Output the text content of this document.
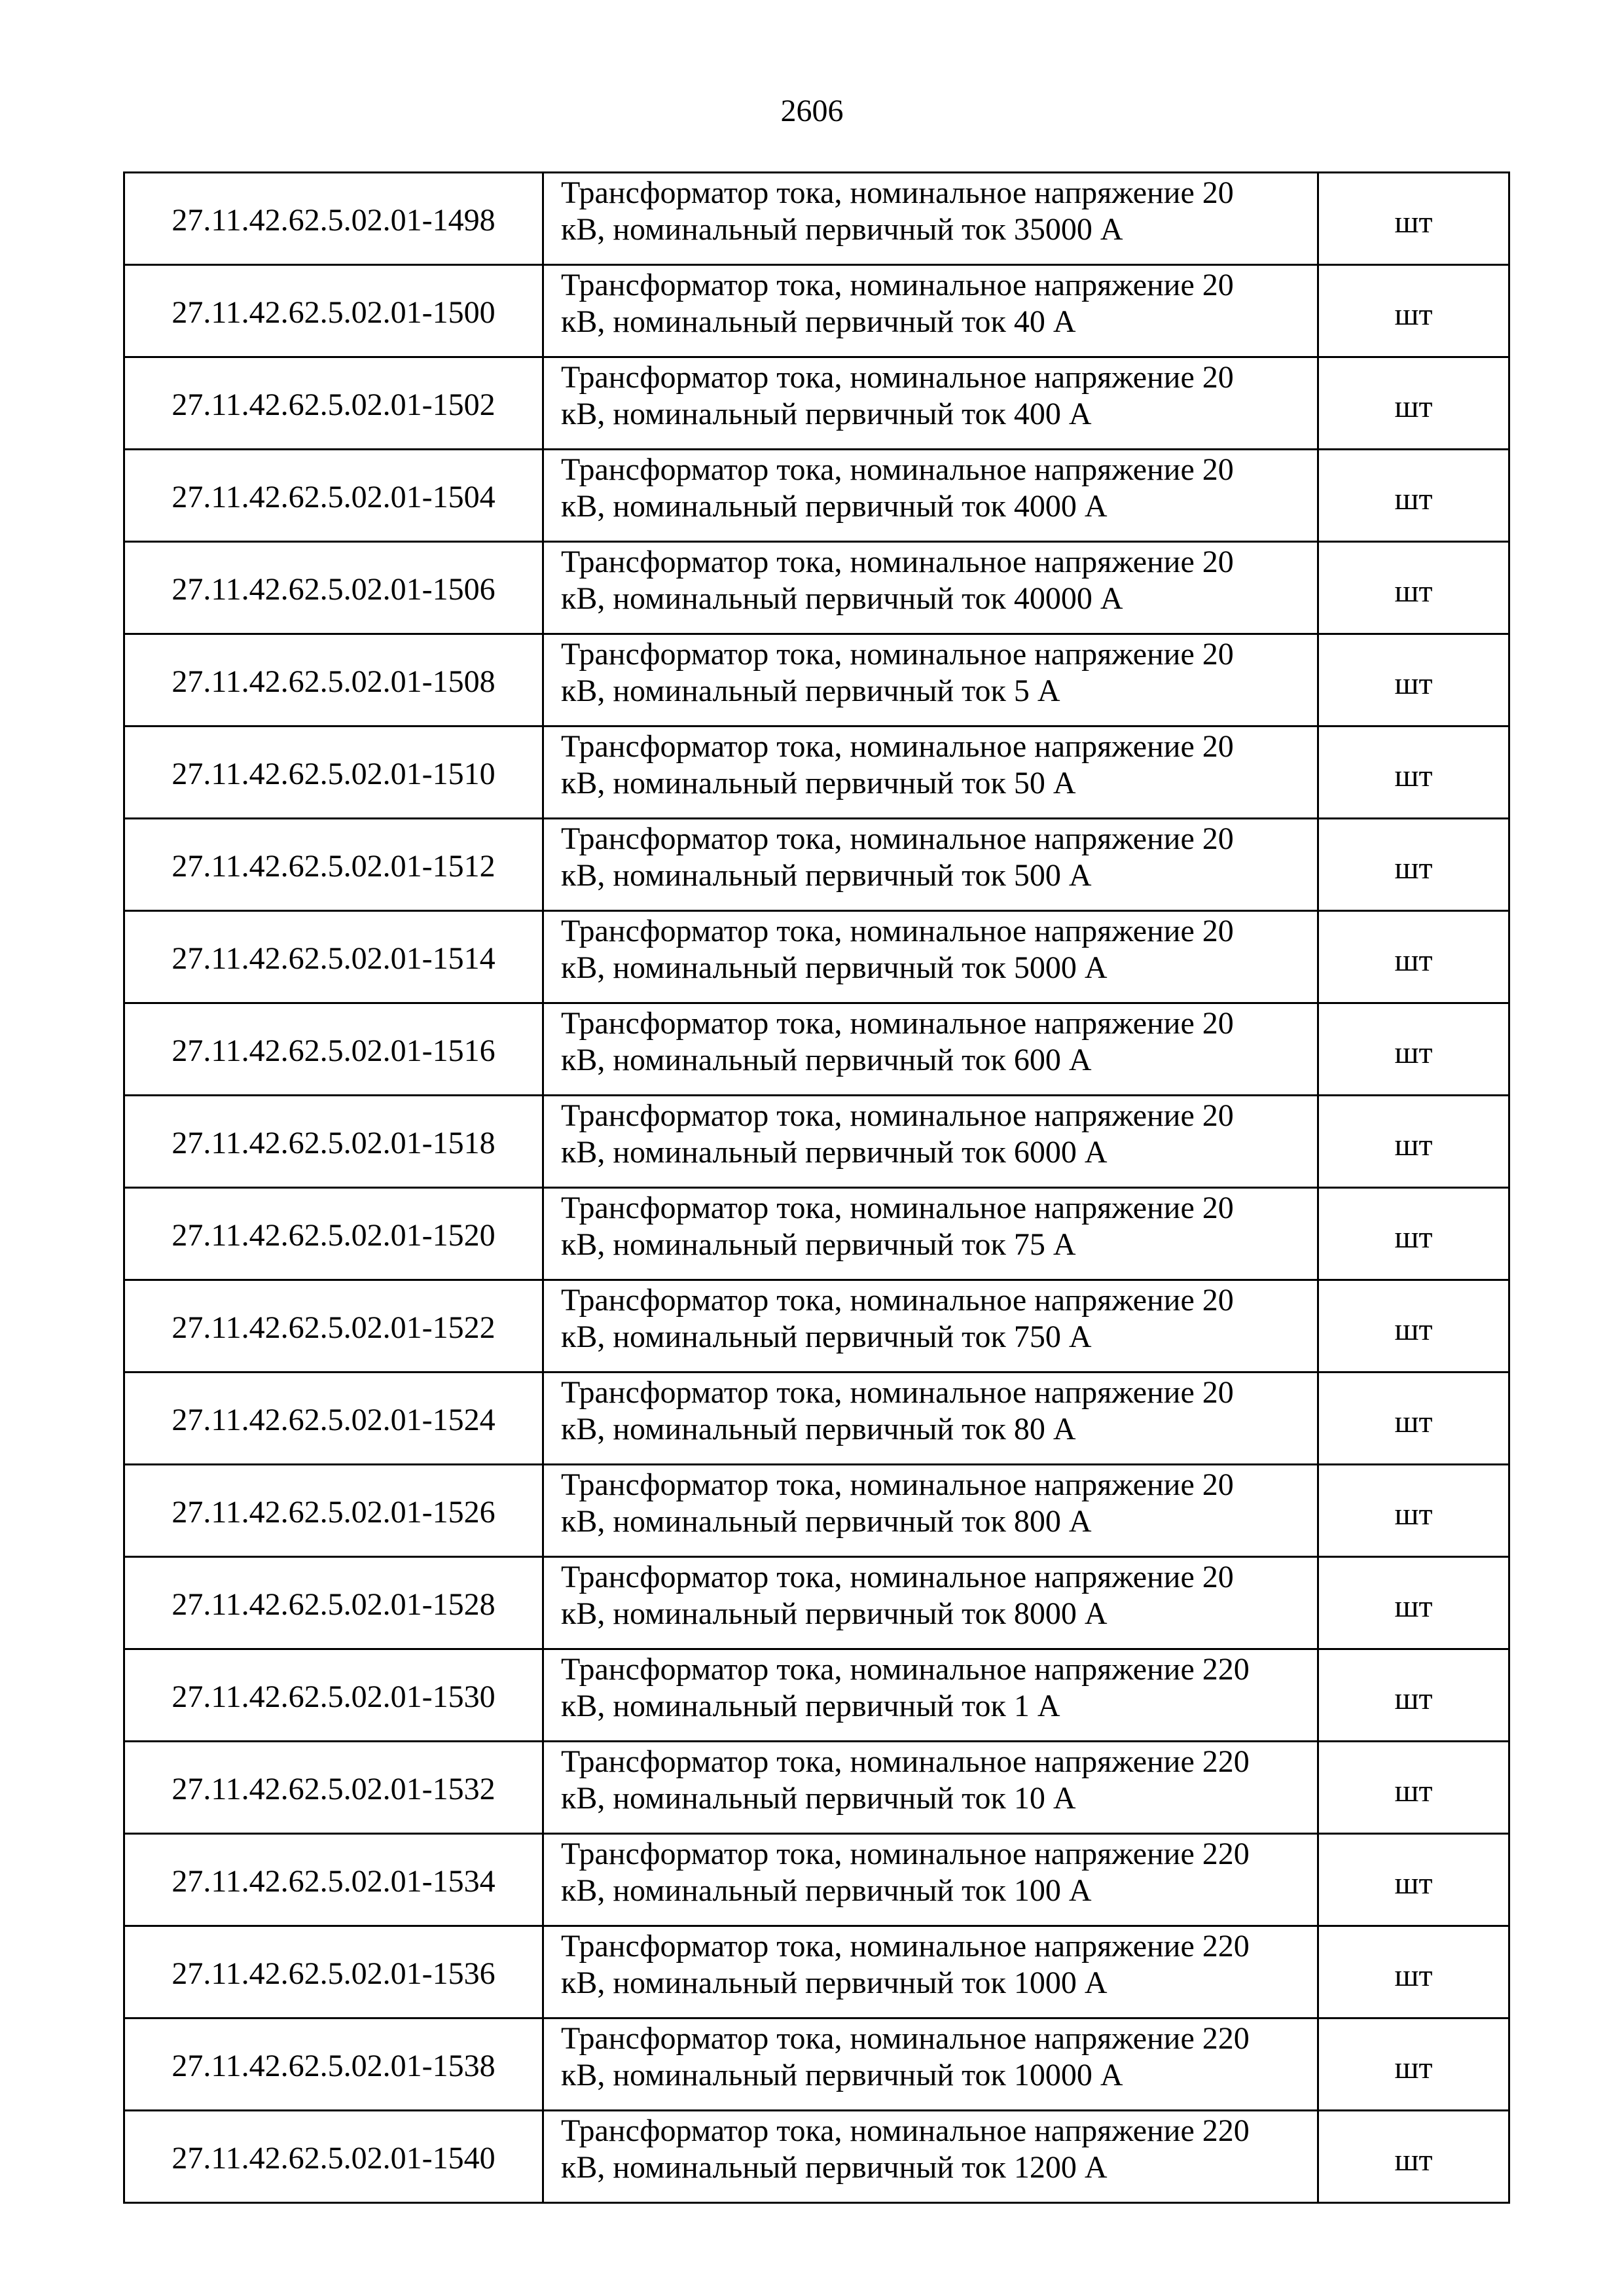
2606
27.11.42.62.5.02.01-1498	Трансформатор тока, номинальное напряжение 20
кВ, номинальный первичный ток 35000 А	шт
27.11.42.62.5.02.01-1500	Трансформатор тока, номинальное напряжение 20
кВ, номинальный первичный ток 40 А	шт
27.11.42.62.5.02.01-1502	Трансформатор тока, номинальное напряжение 20
кВ, номинальный первичный ток 400 А	шт
27.11.42.62.5.02.01-1504	Трансформатор тока, номинальное напряжение 20
кВ, номинальный первичный ток 4000 А	шт
27.11.42.62.5.02.01-1506	Трансформатор тока, номинальное напряжение 20
кВ, номинальный первичный ток 40000 А	шт
27.11.42.62.5.02.01-1508	Трансформатор тока, номинальное напряжение 20
кВ, номинальный первичный ток 5 А	шт
27.11.42.62.5.02.01-1510	Трансформатор тока, номинальное напряжение 20
кВ, номинальный первичный ток 50 А	шт
27.11.42.62.5.02.01-1512	Трансформатор тока, номинальное напряжение 20
кВ, номинальный первичный ток 500 А	шт
27.11.42.62.5.02.01-1514	Трансформатор тока, номинальное напряжение 20
кВ, номинальный первичный ток 5000 А	шт
27.11.42.62.5.02.01-1516	Трансформатор тока, номинальное напряжение 20
кВ, номинальный первичный ток 600 А	шт
27.11.42.62.5.02.01-1518	Трансформатор тока, номинальное напряжение 20
кВ, номинальный первичный ток 6000 А	шт
27.11.42.62.5.02.01-1520	Трансформатор тока, номинальное напряжение 20
кВ, номинальный первичный ток 75 А	шт
27.11.42.62.5.02.01-1522	Трансформатор тока, номинальное напряжение 20
кВ, номинальный первичный ток 750 А	шт
27.11.42.62.5.02.01-1524	Трансформатор тока, номинальное напряжение 20
кВ, номинальный первичный ток 80 А	шт
27.11.42.62.5.02.01-1526	Трансформатор тока, номинальное напряжение 20
кВ, номинальный первичный ток 800 А	шт
27.11.42.62.5.02.01-1528	Трансформатор тока, номинальное напряжение 20
кВ, номинальный первичный ток 8000 А	шт
27.11.42.62.5.02.01-1530	Трансформатор тока, номинальное напряжение 220
кВ, номинальный первичный ток 1 А	шт
27.11.42.62.5.02.01-1532	Трансформатор тока, номинальное напряжение 220
кВ, номинальный первичный ток 10 А	шт
27.11.42.62.5.02.01-1534	Трансформатор тока, номинальное напряжение 220
кВ, номинальный первичный ток 100 А	шт
27.11.42.62.5.02.01-1536	Трансформатор тока, номинальное напряжение 220
кВ, номинальный первичный ток 1000 А	шт
27.11.42.62.5.02.01-1538	Трансформатор тока, номинальное напряжение 220
кВ, номинальный первичный ток 10000 А	шт
27.11.42.62.5.02.01-1540	Трансформатор тока, номинальное напряжение 220
кВ, номинальный первичный ток 1200 А	шт
